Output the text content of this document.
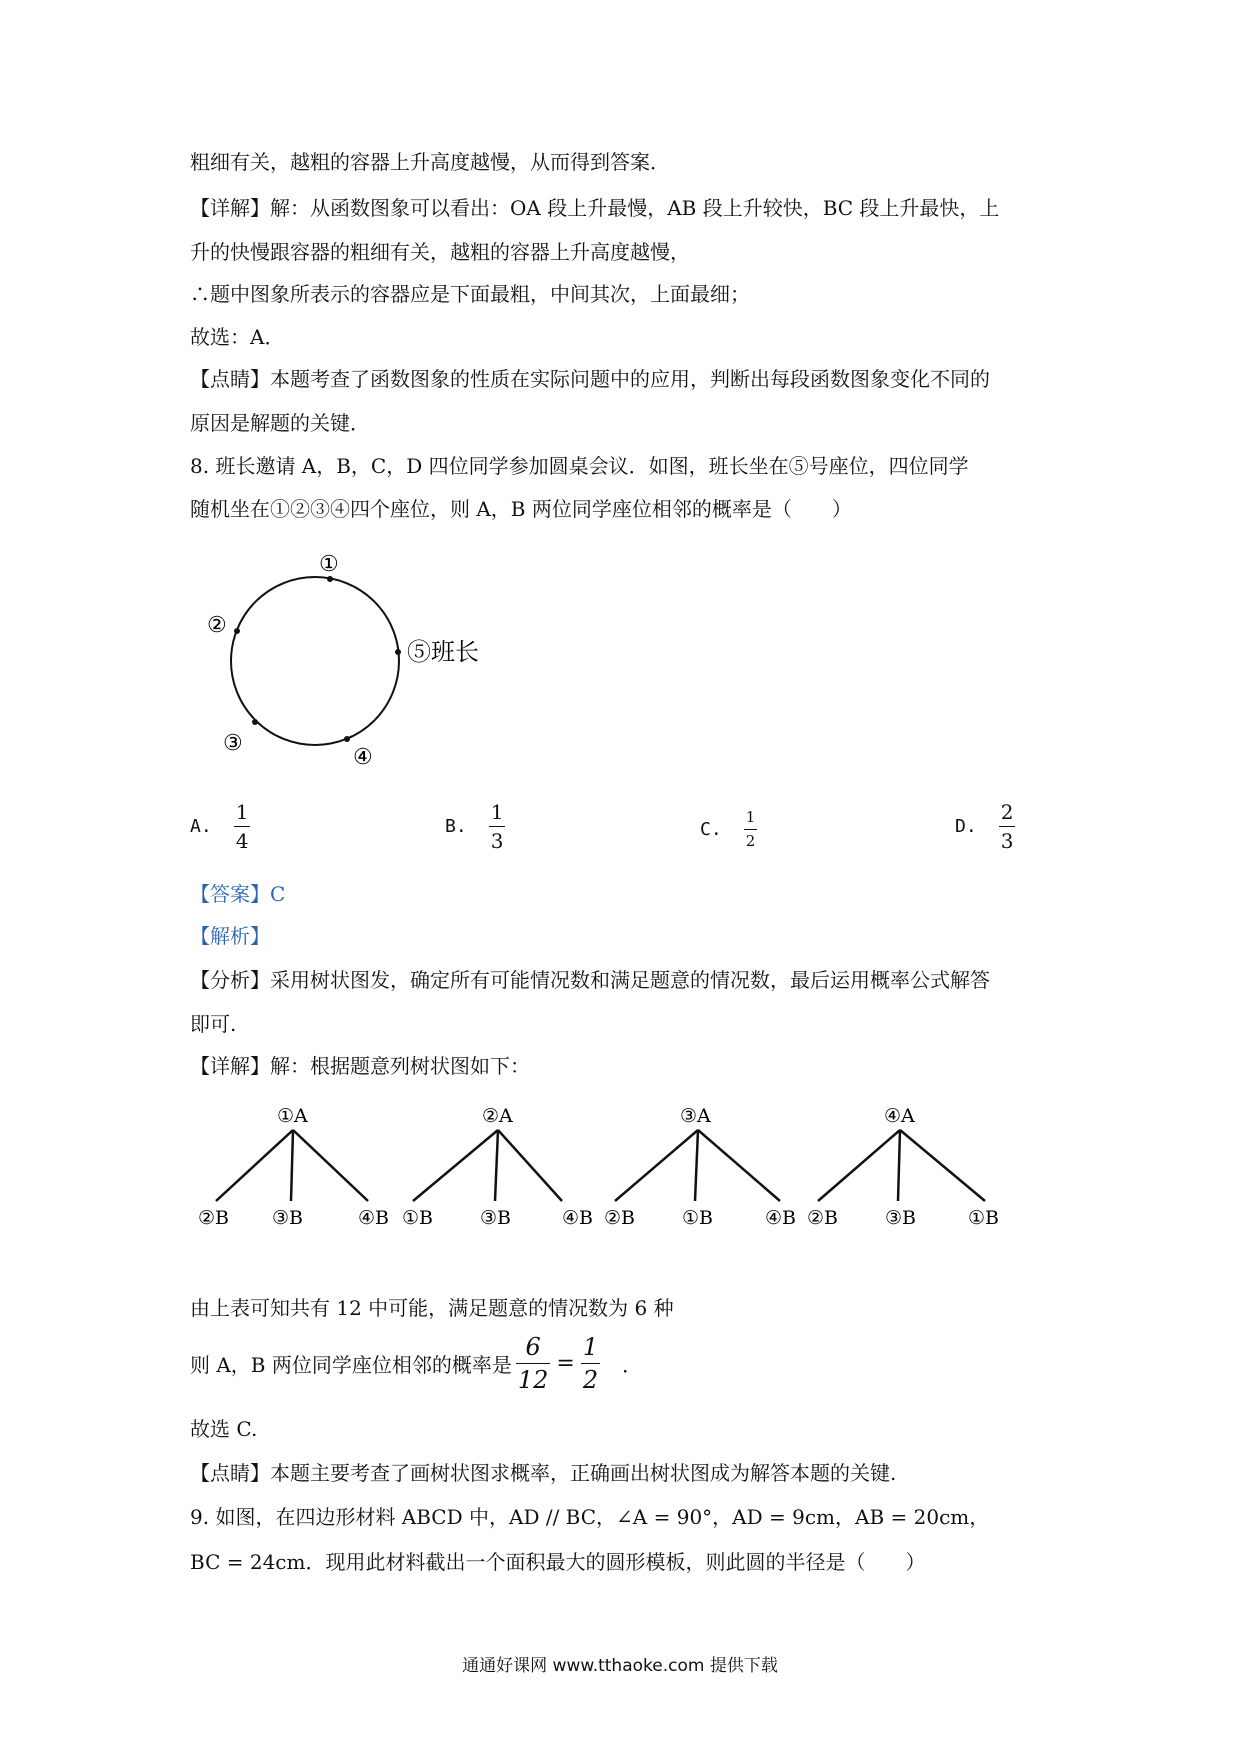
粗细有关，越粗的容器上升高度越慢，从而得到答案．
【详解】解：从函数图象可以看出：OA 段上升最慢，AB 段上升较快，BC 段上升最快，上
升的快慢跟容器的粗细有关，越粗的容器上升高度越慢，
∴题中图象所表示的容器应是下面最粗，中间其次，上面最细；
故选：A．
【点睛】本题考查了函数图象的性质在实际问题中的应用，判断出每段函数图象变化不同的
原因是解题的关键．
8. 班长邀请 A，B，C，D 四位同学参加圆桌会议．如图，班长坐在⑤号座位，四位同学
随机坐在①②③④四个座位，则 A，B 两位同学座位相邻的概率是（　　）
①
②
③
④
⑤班长
A. $\frac{1}{4}$	B. $\frac{1}{3}$	C. $\frac{1}{2}$	D. $\frac{2}{3}$
【答案】C
【解析】
【分析】采用树状图发，确定所有可能情况数和满足题意的情况数，最后运用概率公式解答
即可.
【详解】解：根据题意列树状图如下：
①A
②B ③B	④B
②A
①B ③B	④B
③A
②B ①B	④B
④A
②B ③B	①B
由上表可知共有 12 中可能，满足题意的情况数为 6 种
则 A，B 两位同学座位相邻的概率是 $\frac{6}{12} = \frac{1}{2}$ ．
故选 C.
【点睛】本题主要考查了画树状图求概率，正确画出树状图成为解答本题的关键.
9. 如图，在四边形材料 ABCD 中，AD // BC，∠A = 90°，AD = 9cm，AB = 20cm，
BC = 24cm．现用此材料截出一个面积最大的圆形模板，则此圆的半径是（　　）
通通好课网 www.tthaoke.com 提供下载
